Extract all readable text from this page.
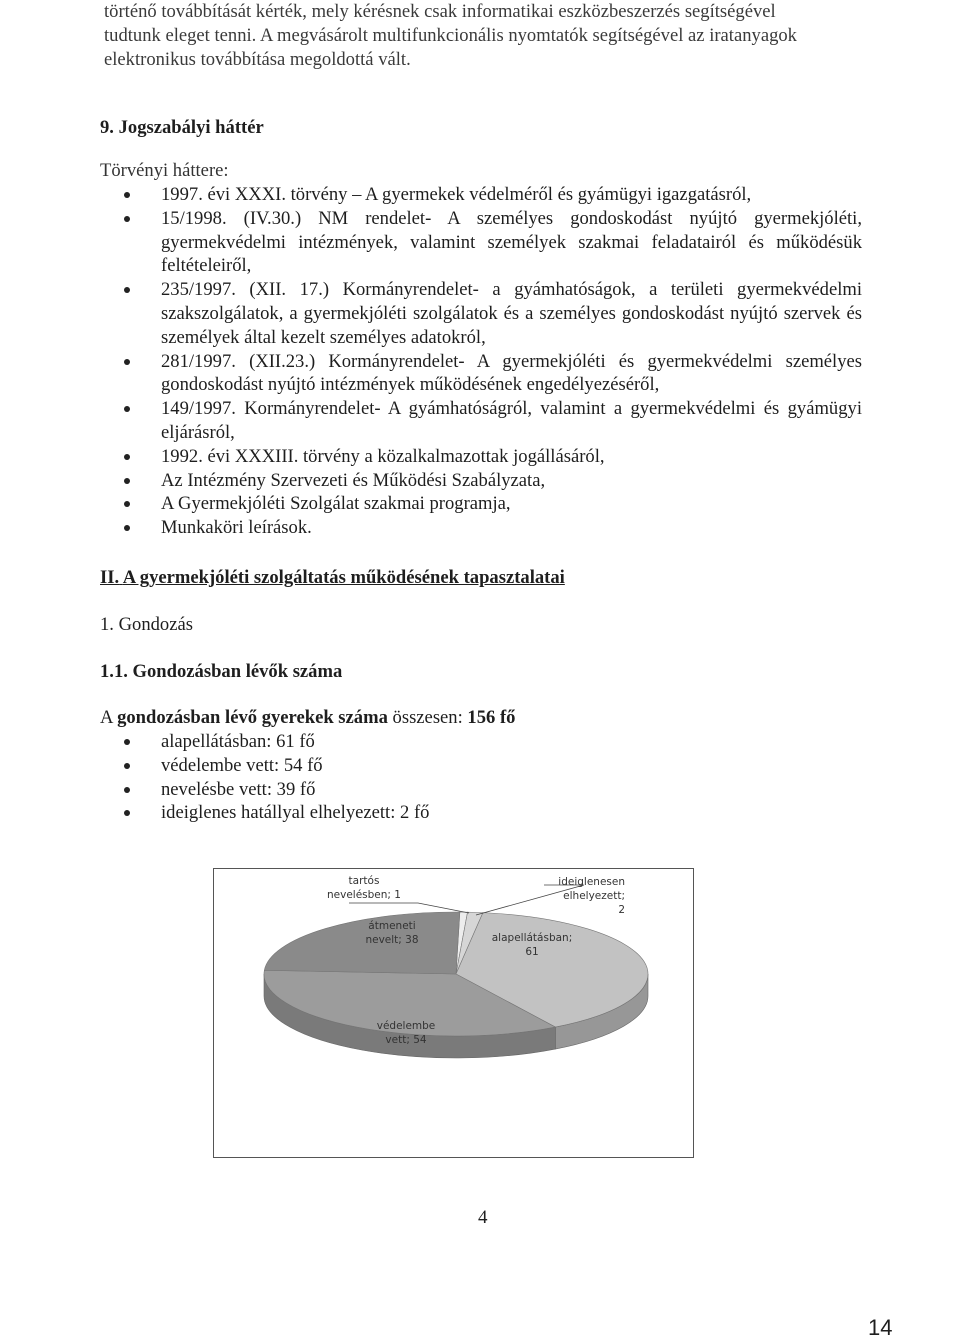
történő továbbítását kérték, mely kérésnek csak informatikai eszközbeszerzés segítségével

tudtunk eleget tenni. A megvásárolt multifunkcionális nyomtatók segítségével az iratanyagok

elektronikus továbbítása megoldottá vált.

9. Jogszabályi háttér
Törvényi háttere:
1997. évi XXXI. törvény – A gyermekek védelméről és gyámügyi igazgatásról,
15/1998. (IV.30.) NM rendelet- A személyes gondoskodást nyújtó gyermekjóléti, gyermekvédelmi intézmények, valamint személyek szakmai feladatairól és működésük feltételeiről,
235/1997. (XII. 17.) Kormányrendelet- a gyámhatóságok, a területi gyermekvédelmi szakszolgálatok, a gyermekjóléti szolgálatok és a személyes gondoskodást nyújtó szervek és személyek által kezelt személyes adatokról,
281/1997. (XII.23.) Kormányrendelet- A gyermekjóléti és gyermekvédelmi személyes gondoskodást nyújtó intézmények működésének engedélyezéséről,
149/1997. Kormányrendelet- A gyámhatóságról, valamint a gyermekvédelmi és gyámügyi eljárásról,
1992. évi XXXIII. törvény a közalkalmazottak jogállásáról,
Az Intézmény Szervezeti és Működési Szabályzata,
A Gyermekjóléti Szolgálat szakmai programja,
Munkaköri leírások.
II. A gyermekjóléti szolgáltatás működésének tapasztalatai
1. Gondozás
1.1. Gondozásban lévők száma
A gondozásban lévő gyerekek száma összesen: 156 fő
alapellátásban: 61 fő
védelembe vett: 54 fő
nevelésbe vett: 39 fő
ideiglenes hatállyal elhelyezett: 2 fő
alapellátásban;
61
védelembe
vett; 54
átmeneti
nevelt; 38
tartós
nevelésben; 1
ideiglenesen
elhelyezett;
2
4
14
